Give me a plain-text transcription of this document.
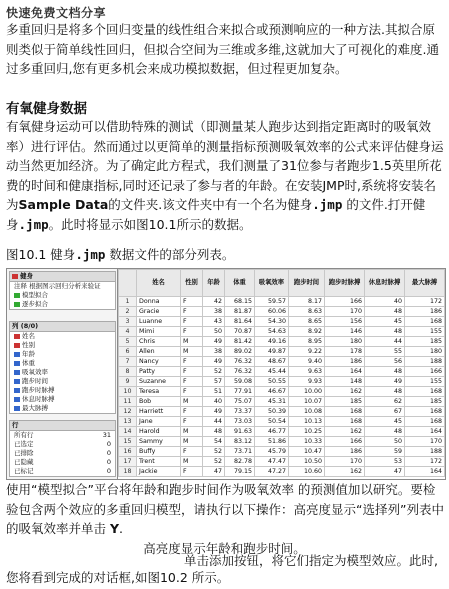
快速免费文档分享

多重回归是将多个回归变量的线性组合来拟合或预测响应的一种方法.其拟合原则类似于简单线性回归，但拟合空间为三维或多维,这就加大了可视化的难度.通过多重回归,您有更多机会来成功模拟数据，但过程更加复杂。

有氧健身数据

有氧健身运动可以借助特殊的测试（即测量某人跑步达到指定距离时的吸氧效率）进行评估。然而通过以更简单的测量指标预测吸氧效率的公式来评估健身运动当然更加经济。为了确定此方程式，我们测量了31位参与者跑步1.5英里所花费的时间和健康指标,同时还记录了参与者的年龄。在安装JMP时,系统将安装名为Sample Data的文件夹.该文件夹中有一个名为健身.jmp 的文件.打开健身.jmp。此时将显示如图10.1所示的数据。

图10.1 健身.jmp 数据文件的部分列表。

健身
注释 根据图示回归分析来验证
模型拟合
逐步拟合
列 (8/0)
姓名
性别
年龄
体重
吸氧效率
跑步时间
跑步时脉搏
休息时脉搏
最大脉搏
行
所有行	31
已选定	0
已排除	0
已隐藏	0
已标记	0
	姓名	性别	年龄	体重	吸氧效率	跑步时间	跑步时脉搏	休息时脉搏	最大脉搏
1	Donna	F	42	68.15	59.57	8.17	166	40	172
2	Gracie	F	38	81.87	60.06	8.63	170	48	186
3	Luanne	F	43	81.64	54.30	8.65	156	45	168
4	Mimi	F	50	70.87	54.63	8.92	146	48	155
5	Chris	M	49	81.42	49.16	8.95	180	44	185
6	Allen	M	38	89.02	49.87	9.22	178	55	180
7	Nancy	F	49	76.32	48.67	9.40	186	56	188
8	Patty	F	52	76.32	45.44	9.63	164	48	166
9	Suzanne	F	57	59.08	50.55	9.93	148	49	155
10	Teresa	F	51	77.91	46.67	10.00	162	48	168
11	Bob	M	40	75.07	45.31	10.07	185	62	185
12	Harriett	F	49	73.37	50.39	10.08	168	67	168
13	Jane	F	44	73.03	50.54	10.13	168	45	168
14	Harold	M	48	91.63	46.77	10.25	162	48	164
15	Sammy	M	54	83.12	51.86	10.33	166	50	170
16	Buffy	F	52	73.71	45.79	10.47	186	59	188
17	Trent	M	52	82.78	47.47	10.50	170	53	172
18	Jackie	F	47	79.15	47.27	10.60	162	47	164

使用“模型拟合”平台将年龄和跑步时间作为吸氧效率 的预测值加以研究。要检验包含两个效应的多重回归模型，请执行以下操作：高亮度显示“选择列”列表中的吸氧效率并单击 Y.

高亮度显示年龄和跑步时间。

单击添加按钮，将它们指定为模型效应。此时,

您将看到完成的对话框,如图10.2 所示。
